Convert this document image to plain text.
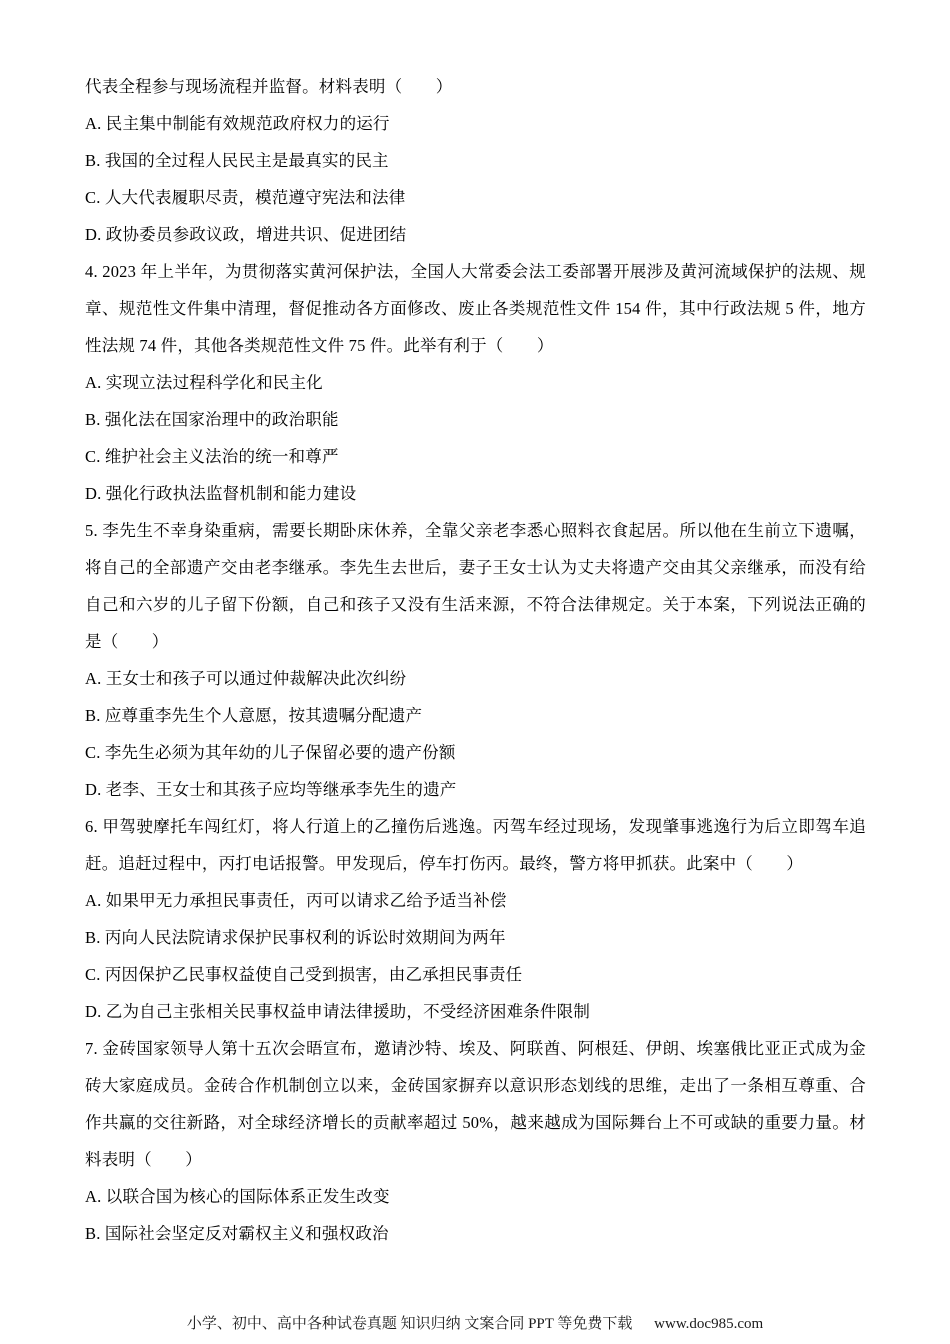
代表全程参与现场流程并监督。材料表明（　　）
A. 民主集中制能有效规范政府权力的运行
B. 我国的全过程人民民主是最真实的民主
C. 人大代表履职尽责，模范遵守宪法和法律
D. 政协委员参政议政，增进共识、促进团结
4. 2023 年上半年，为贯彻落实黄河保护法，全国人大常委会法工委部署开展涉及黄河流域保护的法规、规章、规范性文件集中清理，督促推动各方面修改、废止各类规范性文件 154 件，其中行政法规 5 件，地方性法规 74 件，其他各类规范性文件 75 件。此举有利于（　　）
A. 实现立法过程科学化和民主化
B. 强化法在国家治理中的政治职能
C. 维护社会主义法治的统一和尊严
D. 强化行政执法监督机制和能力建设
5. 李先生不幸身染重病，需要长期卧床休养，全靠父亲老李悉心照料衣食起居。所以他在生前立下遗嘱，将自己的全部遗产交由老李继承。李先生去世后，妻子王女士认为丈夫将遗产交由其父亲继承，而没有给自己和六岁的儿子留下份额，自己和孩子又没有生活来源，不符合法律规定。关于本案，下列说法正确的是（　　）
A. 王女士和孩子可以通过仲裁解决此次纠纷
B. 应尊重李先生个人意愿，按其遗嘱分配遗产
C. 李先生必须为其年幼的儿子保留必要的遗产份额
D. 老李、王女士和其孩子应均等继承李先生的遗产
6. 甲驾驶摩托车闯红灯，将人行道上的乙撞伤后逃逸。丙驾车经过现场，发现肇事逃逸行为后立即驾车追赶。追赶过程中，丙打电话报警。甲发现后，停车打伤丙。最终，警方将甲抓获。此案中（　　）
A. 如果甲无力承担民事责任，丙可以请求乙给予适当补偿
B. 丙向人民法院请求保护民事权利的诉讼时效期间为两年
C. 丙因保护乙民事权益使自己受到损害，由乙承担民事责任
D. 乙为自己主张相关民事权益申请法律援助，不受经济困难条件限制
7. 金砖国家领导人第十五次会晤宣布，邀请沙特、埃及、阿联酋、阿根廷、伊朗、埃塞俄比亚正式成为金砖大家庭成员。金砖合作机制创立以来，金砖国家摒弃以意识形态划线的思维，走出了一条相互尊重、合作共赢的交往新路，对全球经济增长的贡献率超过 50%，越来越成为国际舞台上不可或缺的重要力量。材料表明（　　）
A. 以联合国为核心的国际体系正发生改变
B. 国际社会坚定反对霸权主义和强权政治
小学、初中、高中各种试卷真题 知识归纳 文案合同 PPT 等免费下载 www.doc985.com
